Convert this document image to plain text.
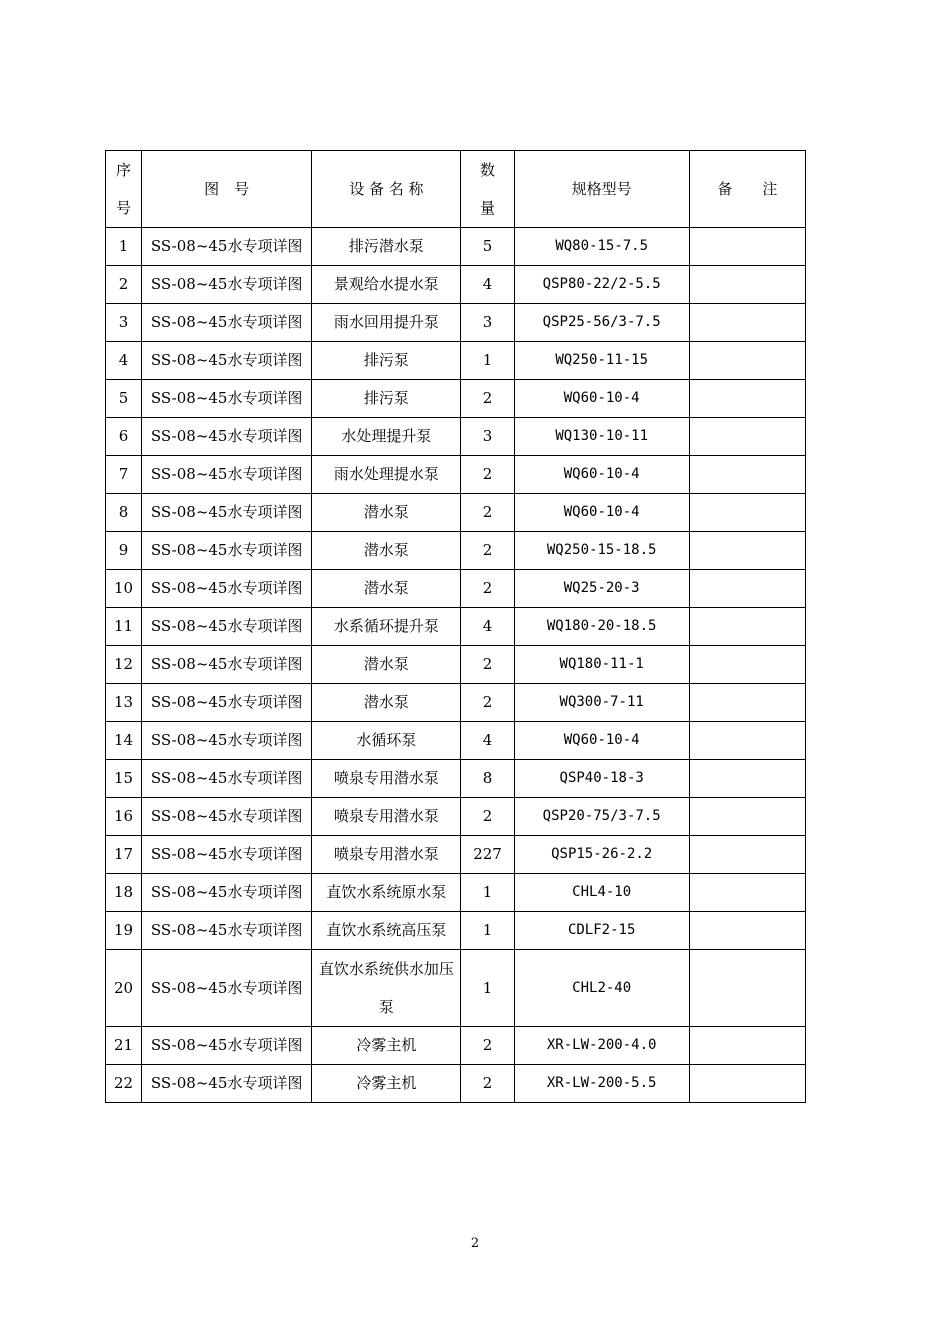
序号	图　号	设 备 名 称	数量	规格型号	备　　注
1	SS-08~45水专项详图	排污潜水泵	5	WQ80-15-7.5	
2	SS-08~45水专项详图	景观给水提水泵	4	QSP80-22/2-5.5	
3	SS-08~45水专项详图	雨水回用提升泵	3	QSP25-56/3-7.5	
4	SS-08~45水专项详图	排污泵	1	WQ250-11-15	
5	SS-08~45水专项详图	排污泵	2	WQ60-10-4	
6	SS-08~45水专项详图	水处理提升泵	3	WQ130-10-11	
7	SS-08~45水专项详图	雨水处理提水泵	2	WQ60-10-4	
8	SS-08~45水专项详图	潜水泵	2	WQ60-10-4	
9	SS-08~45水专项详图	潜水泵	2	WQ250-15-18.5	
10	SS-08~45水专项详图	潜水泵	2	WQ25-20-3	
11	SS-08~45水专项详图	水系循环提升泵	4	WQ180-20-18.5	
12	SS-08~45水专项详图	潜水泵	2	WQ180-11-1	
13	SS-08~45水专项详图	潜水泵	2	WQ300-7-11	
14	SS-08~45水专项详图	水循环泵	4	WQ60-10-4	
15	SS-08~45水专项详图	喷泉专用潜水泵	8	QSP40-18-3	
16	SS-08~45水专项详图	喷泉专用潜水泵	2	QSP20-75/3-7.5	
17	SS-08~45水专项详图	喷泉专用潜水泵	227	QSP15-26-2.2	
18	SS-08~45水专项详图	直饮水系统原水泵	1	CHL4-10	
19	SS-08~45水专项详图	直饮水系统高压泵	1	CDLF2-15	
20	SS-08~45水专项详图	直饮水系统供水加压泵	1	CHL2-40	
21	SS-08~45水专项详图	冷雾主机	2	XR-LW-200-4.0	
22	SS-08~45水专项详图	冷雾主机	2	XR-LW-200-5.5	
2
